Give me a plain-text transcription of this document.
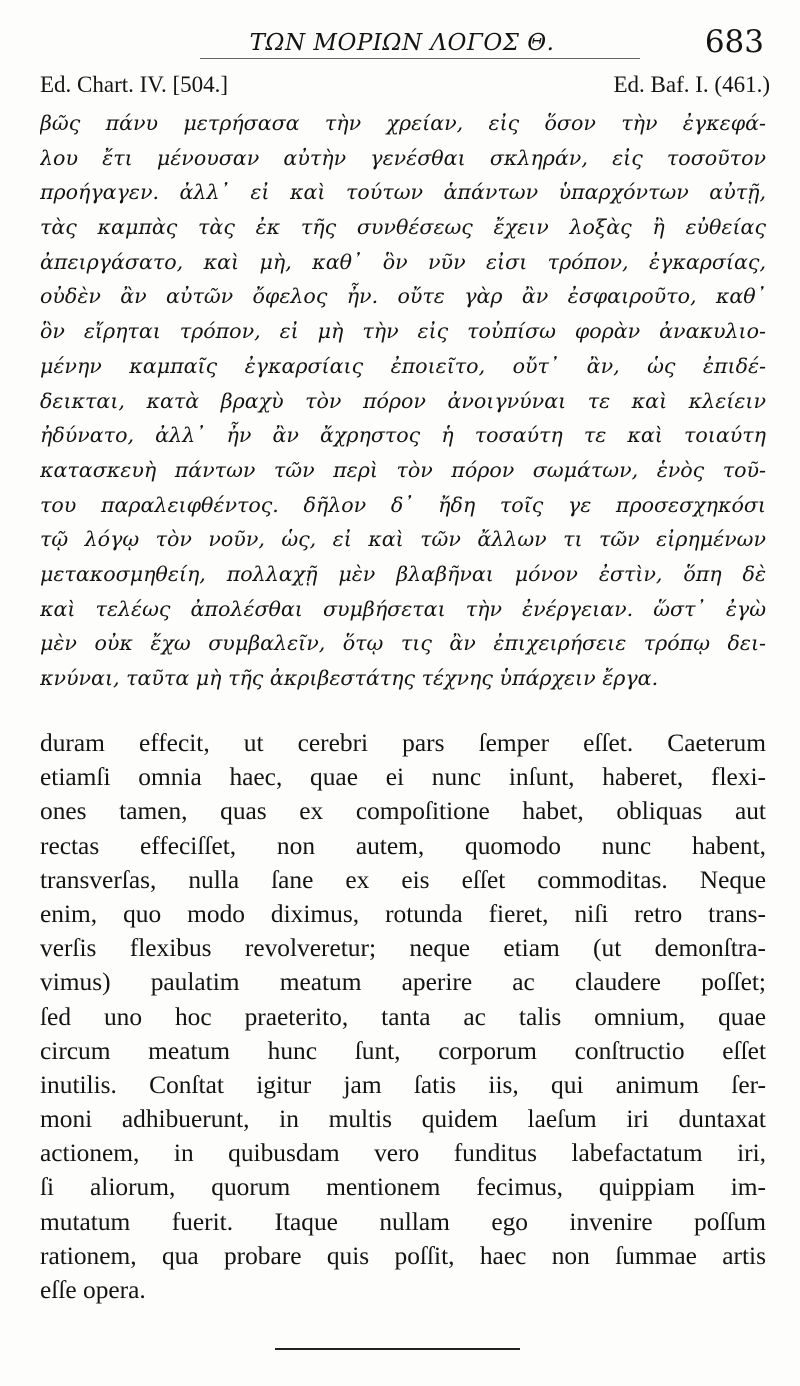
ΤΩΝ ΜΟΡΙΩΝ ΛΟΓΟΣ Θ.	683
Ed. Chart. IV. [504.]	Ed. Baf. I. (461.)
βῶς πάνυ μετρήσασα τὴν χρείαν, εἰς ὅσον τὴν ἐγκεφά-
λου ἔτι μένουσαν αὐτὴν γενέσθαι σκληράν, εἰς τοσοῦτον
προήγαγεν. ἀλλ᾽ εἰ καὶ τούτων ἁπάντων ὑπαρχόντων αὐτῇ,
τὰς καμπὰς τὰς ἐκ τῆς συνθέσεως ἔχειν λοξὰς ἢ εὐθείας
ἀπειργάσατο, καὶ μὴ, καθ᾽ ὃν νῦν εἰσι τρόπον, ἐγκαρσίας,
οὐδὲν ἂν αὐτῶν ὄφελος ἦν. οὔτε γὰρ ἂν ἐσφαιροῦτο, καθ᾽
ὃν εἴρηται τρόπον, εἰ μὴ τὴν εἰς τοὐπίσω φορὰν ἀνακυλιο-
μένην καμπαῖς ἐγκαρσίαις ἐποιεῖτο, οὔτ᾽ ἂν, ὡς ἐπιδέ-
δεικται, κατὰ βραχὺ τὸν πόρον ἀνοιγνύναι τε καὶ κλείειν
ἠδύνατο, ἀλλ᾽ ἦν ἂν ἄχρηστος ἡ τοσαύτη τε καὶ τοιαύτη
κατασκευὴ πάντων τῶν περὶ τὸν πόρον σωμάτων, ἑνὸς τοῦ-
του παραλειφθέντος. δῆλον δ᾽ ἤδη τοῖς γε προσεσχηκόσι
τῷ λόγῳ τὸν νοῦν, ὡς, εἰ καὶ τῶν ἄλλων τι τῶν εἰρημένων
μετακοσμηθείη, πολλαχῇ μὲν βλαβῆναι μόνον ἐστὶν, ὅπη δὲ
καὶ τελέως ἀπολέσθαι συμβήσεται τὴν ἐνέργειαν. ὥστ᾽ ἐγὼ
μὲν οὐκ ἔχω συμβαλεῖν, ὅτῳ τις ἂν ἐπιχειρήσειε τρόπῳ δει-
κνύναι, ταῦτα μὴ τῆς ἀκριβεστάτης τέχνης ὑπάρχειν ἔργα.
duram effecit, ut cerebri pars ſemper eſſet. Caeterum
etiamſi omnia haec, quae ei nunc inſunt, haberet, flexi-
ones tamen, quas ex compoſitione habet, obliquas aut
rectas effeciſſet, non autem, quomodo nunc habent,
transverſas, nulla ſane ex eis eſſet commoditas. Neque
enim, quo modo diximus, rotunda fieret, niſi retro trans-
verſis flexibus revolveretur; neque etiam (ut demonſtra-
vimus) paulatim meatum aperire ac claudere poſſet;
ſed uno hoc praeterito, tanta ac talis omnium, quae
circum meatum hunc ſunt, corporum conſtructio eſſet
inutilis. Conſtat igitur jam ſatis iis, qui animum ſer-
moni adhibuerunt, in multis quidem laeſum iri duntaxat
actionem, in quibusdam vero funditus labefactatum iri,
ſi aliorum, quorum mentionem fecimus, quippiam im-
mutatum fuerit. Itaque nullam ego invenire poſſum
rationem, qua probare quis poſſit, haec non ſummae artis
eſſe opera.
